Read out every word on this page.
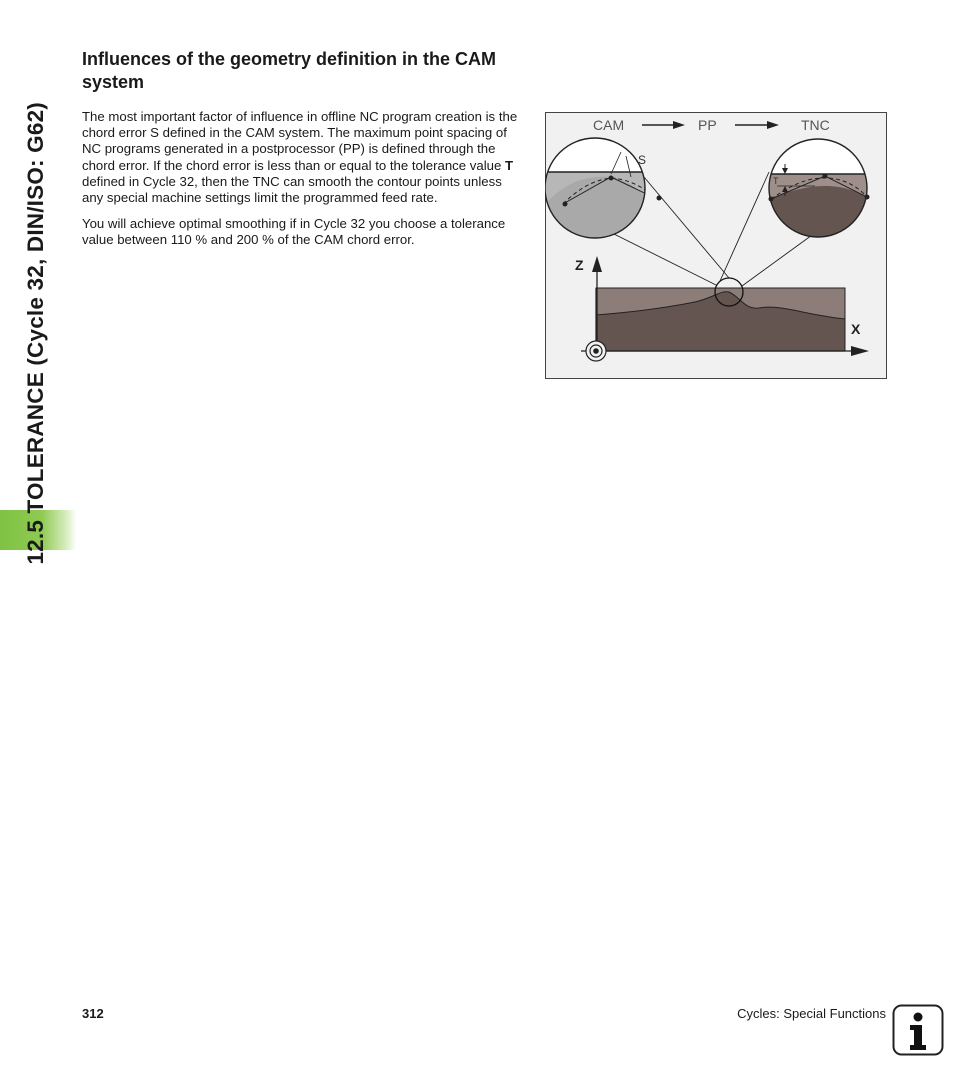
12.5 TOLERANCE (Cycle 32, DIN/ISO: G62)
Influences of the geometry definition in the CAM system

The most important factor of influence in offline NC program creation is the chord error S defined in the CAM system. The maximum point spacing of NC programs generated in a postprocessor (PP) is defined through the chord error. If the chord error is less than or equal to the tolerance value T defined in Cycle 32, then the TNC can smooth the contour points unless any special machine settings limit the programmed feed rate.

You will achieve optimal smoothing if in Cycle 32 you choose a tolerance value between 110 % and 200 % of the CAM chord error.

CAM	PP	TNC
Z
X
S
T
312	Cycles: Special Functions
